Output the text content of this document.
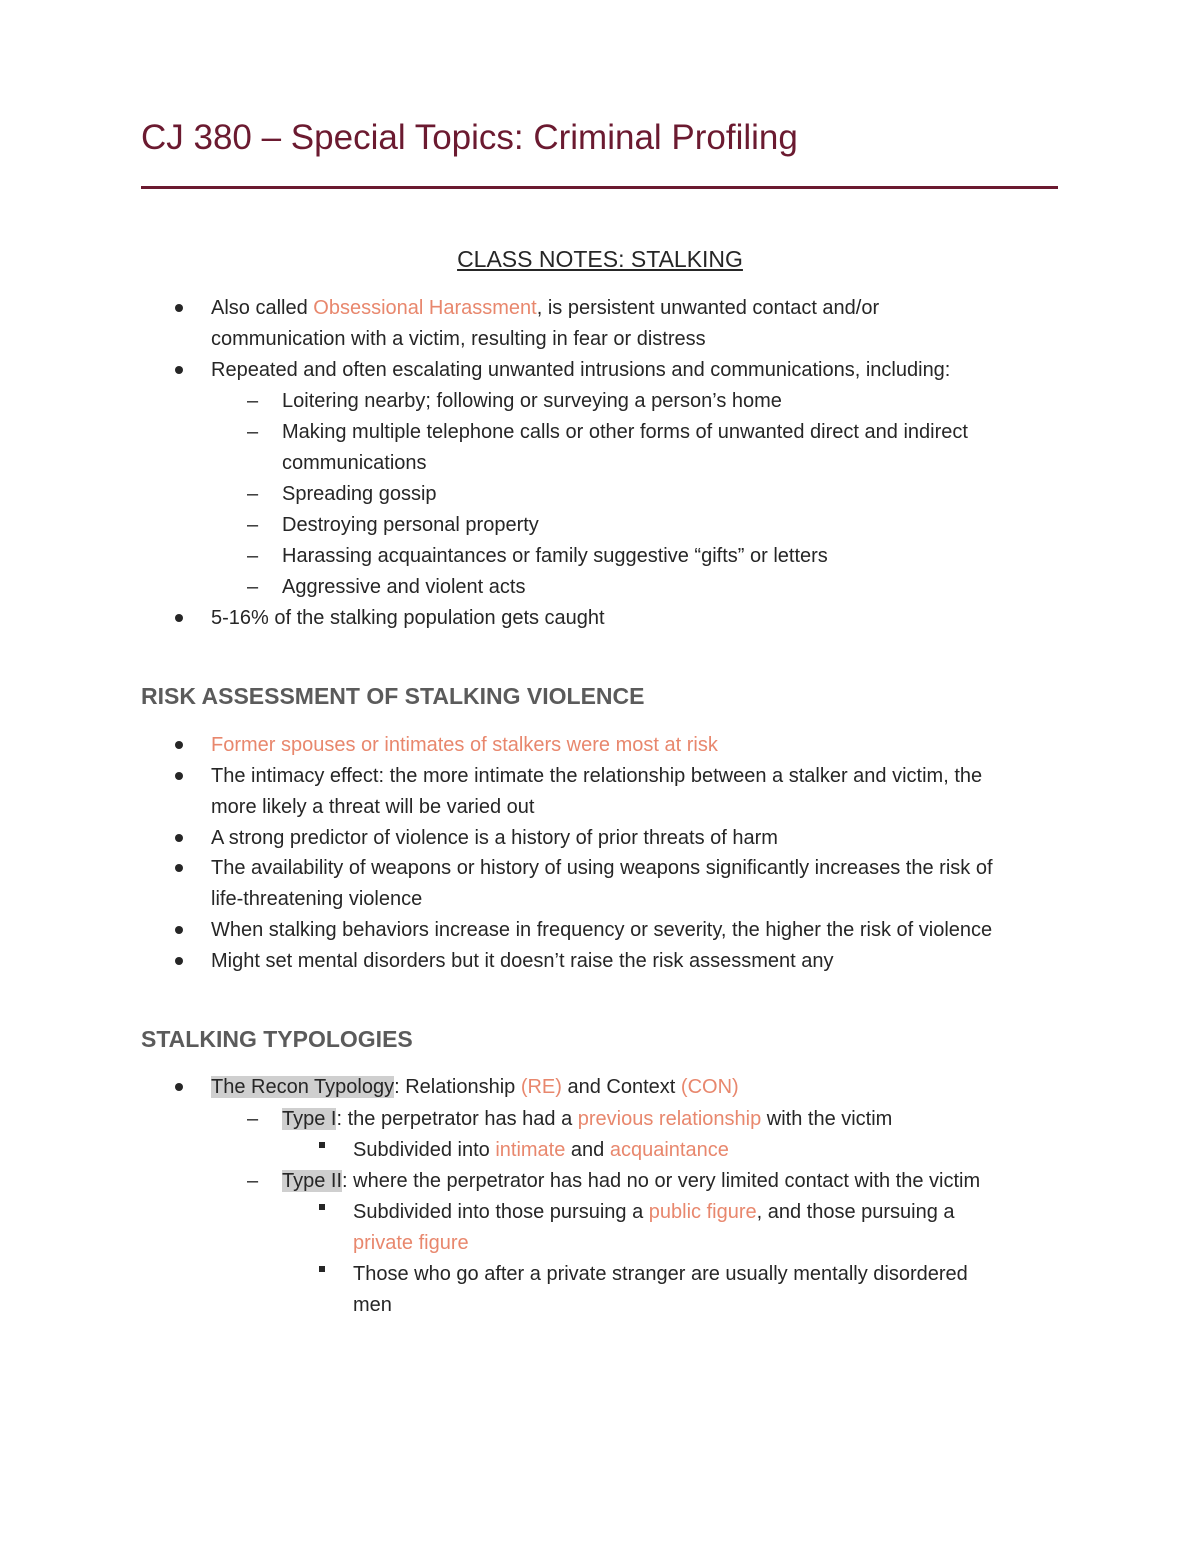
CJ 380 – Special Topics: Criminal Profiling
CLASS NOTES: STALKING
Also called Obsessional Harassment, is persistent unwanted contact and/or
communication with a victim, resulting in fear or distress
Repeated and often escalating unwanted intrusions and communications, including:
– Loitering nearby; following or surveying a person’s home
– Making multiple telephone calls or other forms of unwanted direct and indirect
communications
– Spreading gossip
– Destroying personal property
– Harassing acquaintances or family suggestive “gifts” or letters
– Aggressive and violent acts
5-16% of the stalking population gets caught
RISK ASSESSMENT OF STALKING VIOLENCE
Former spouses or intimates of stalkers were most at risk
The intimacy effect: the more intimate the relationship between a stalker and victim, the
more likely a threat will be varied out
A strong predictor of violence is a history of prior threats of harm
The availability of weapons or history of using weapons significantly increases the risk of
life-threatening violence
When stalking behaviors increase in frequency or severity, the higher the risk of violence
Might set mental disorders but it doesn’t raise the risk assessment any
STALKING TYPOLOGIES
The Recon Typology: Relationship (RE) and Context (CON)
– Type I: the perpetrator has had a previous relationship with the victim
Subdivided into intimate and acquaintance
– Type II: where the perpetrator has had no or very limited contact with the victim
Subdivided into those pursuing a public figure, and those pursuing a
private figure
Those who go after a private stranger are usually mentally disordered
men
